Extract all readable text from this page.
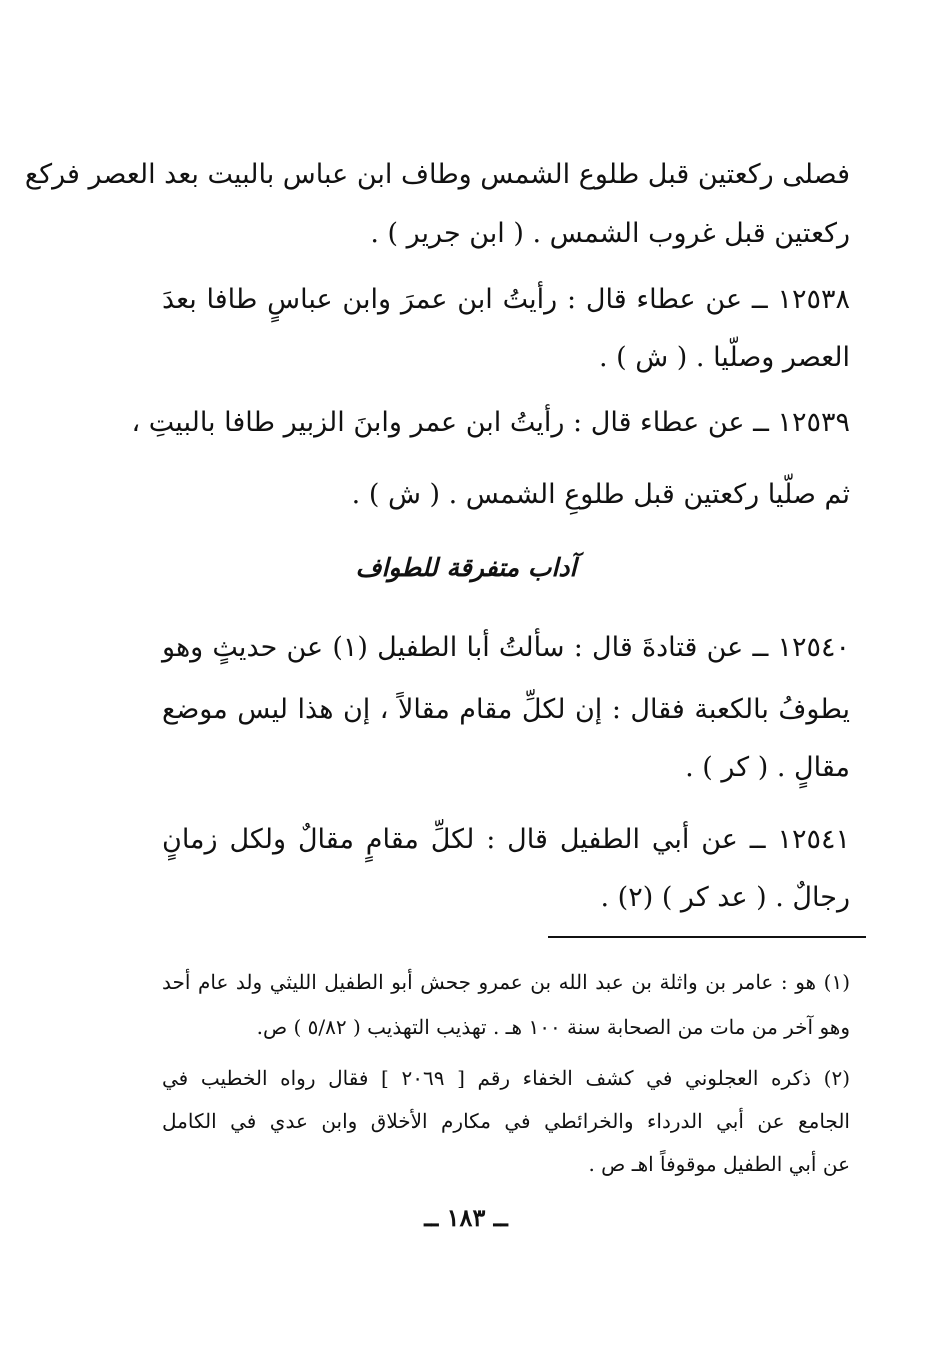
فصلى ركعتين قبل طلوع الشمس وطاف ابن عباس بالبيت بعد العصر فركع
ركعتين قبل غروب الشمس . ( ابن جرير ) .
١٢٥٣٨ ــ عن عطاء قال : رأيتُ ابن عمرَ وابن عباسٍ طافا بعدَ
العصر وصلّيا . ( ش ) .
١٢٥٣٩ ــ عن عطاء قال : رأيتُ ابن عمر وابنَ الزبير طافا بالبيتِ ،
ثم صلّيا ركعتين قبل طلوعِ الشمس . ( ش ) .
آداب متفرقة للطواف
١٢٥٤٠ ــ عن قتادةَ قال : سألتُ أبا الطفيل (١) عن حديثٍ وهو
يطوفُ بالكعبة فقال : إن لكلِّ مقام مقالاً ، إن هذا ليس موضع
مقالٍ . ( كر ) .
١٢٥٤١ ــ عن أبي الطفيل قال : لكلِّ مقامٍ مقالٌ ولكل زمانٍ
رجالٌ . ( عد كر ) (٢) .
(١) هو : عامر بن واثلة بن عبد الله بن عمرو جحش أبو الطفيل الليثي ولد عام أحد
وهو آخر من مات من الصحابة سنة ١٠٠ هـ . تهذيب التهذيب ( ٥/٨٢ ) ص.
(٢) ذكره العجلوني في كشف الخفاء رقم [ ٢٠٦٩ ] فقال رواه الخطيب في
الجامع عن أبي الدرداء والخرائطي في مكارم الأخلاق وابن عدي في الكامل
عن أبي الطفيل موقوفاً اهـ ص .
ــ ١٨٣ ــ
